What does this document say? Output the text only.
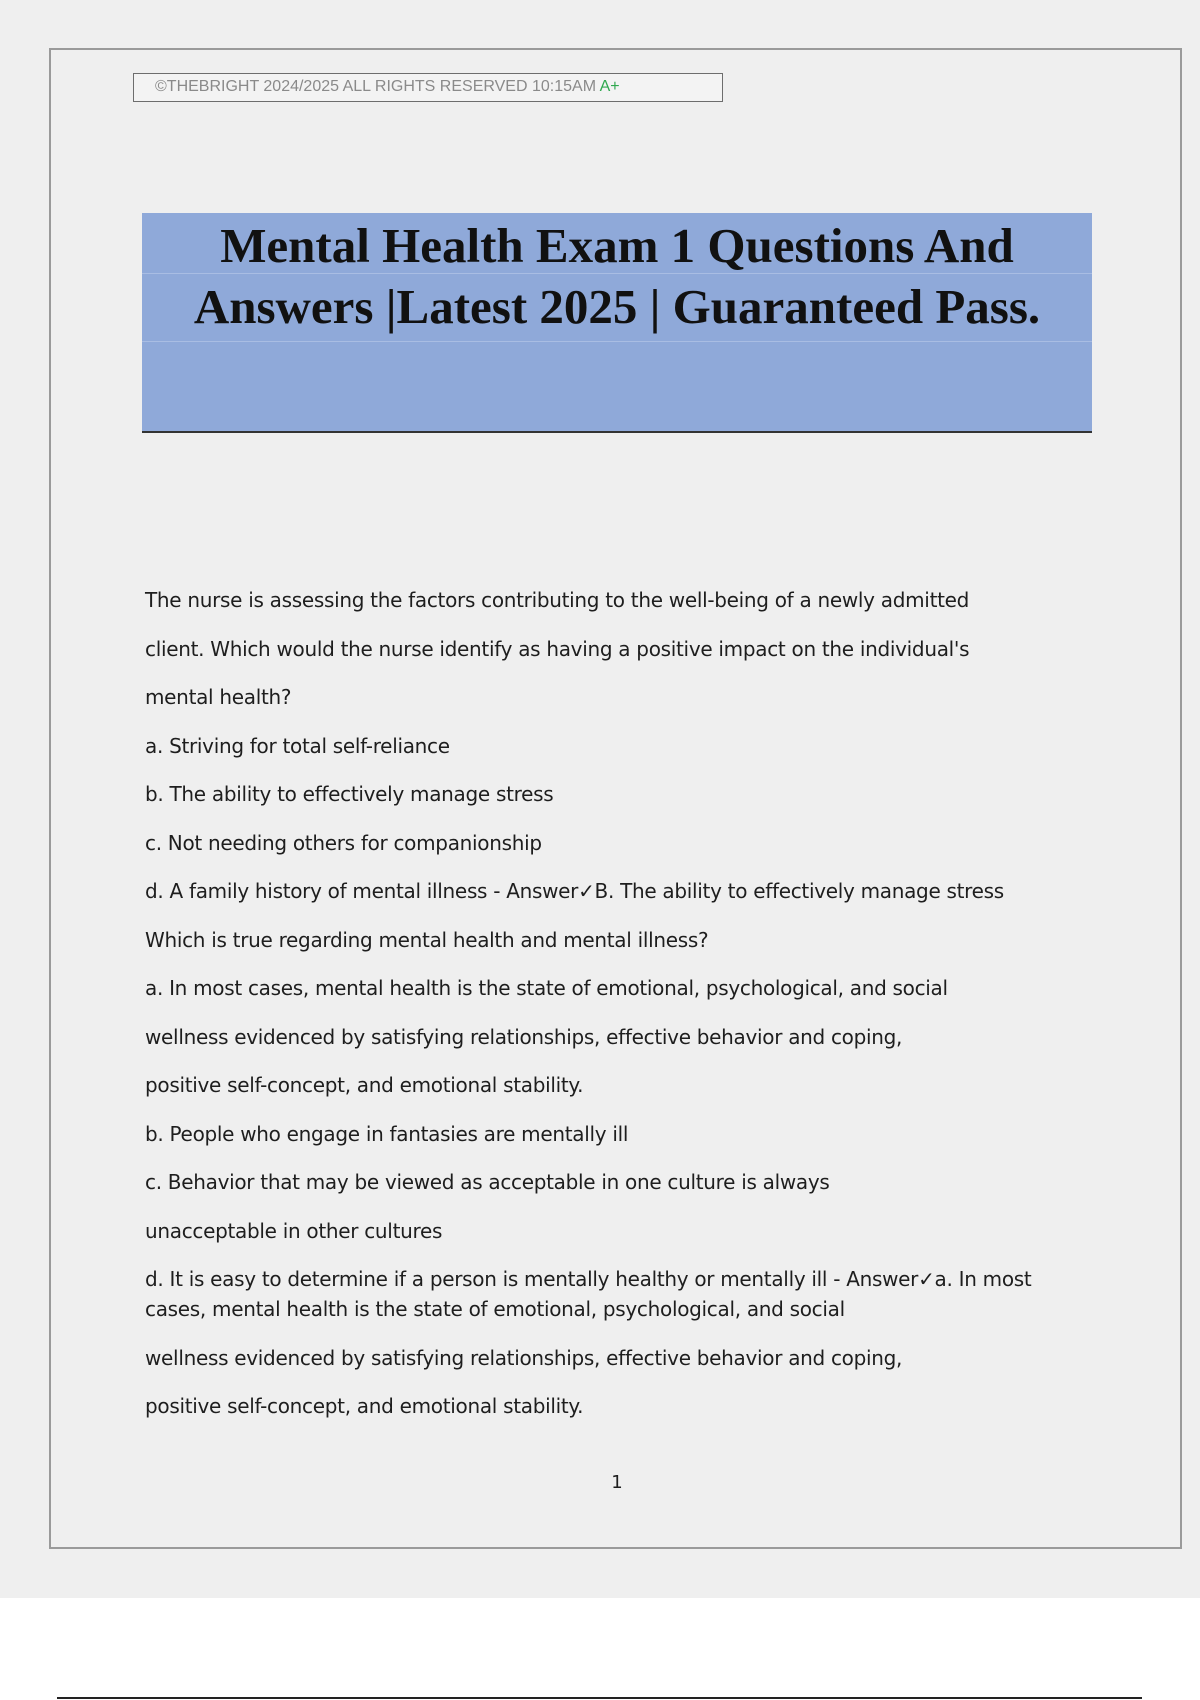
©THEBRIGHT 2024/2025 ALL RIGHTS RESERVED 10:15AM A+
Mental Health Exam 1 Questions And
Answers |Latest 2025 | Guaranteed Pass.
The nurse is assessing the factors contributing to the well-being of a newly admitted
client. Which would the nurse identify as having a positive impact on the individual's
mental health?
a. Striving for total self-reliance
b. The ability to effectively manage stress
c. Not needing others for companionship
d. A family history of mental illness - Answer✓B. The ability to effectively manage stress
Which is true regarding mental health and mental illness?
a. In most cases, mental health is the state of emotional, psychological, and social
wellness evidenced by satisfying relationships, effective behavior and coping,
positive self-concept, and emotional stability.
b. People who engage in fantasies are mentally ill
c. Behavior that may be viewed as acceptable in one culture is always
unacceptable in other cultures
d. It is easy to determine if a person is mentally healthy or mentally ill - Answer✓a. In most
cases, mental health is the state of emotional, psychological, and social
wellness evidenced by satisfying relationships, effective behavior and coping,
positive self-concept, and emotional stability.
1
